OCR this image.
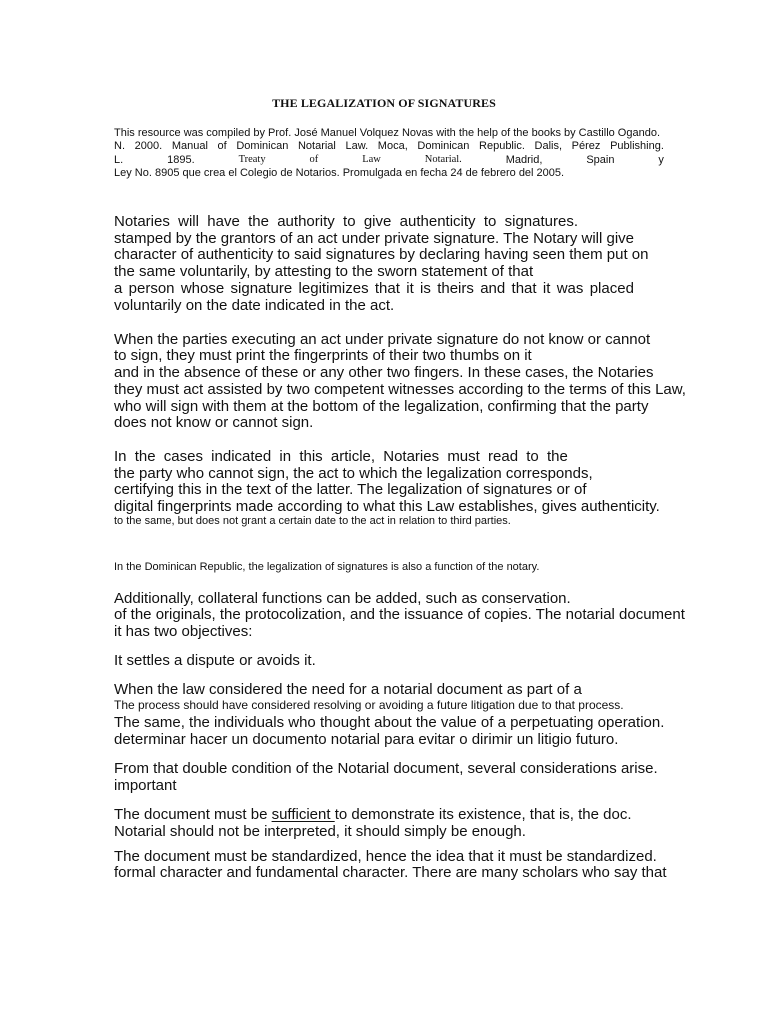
THE LEGALIZATION OF SIGNATURES
This resource was compiled by Prof. José Manuel Volquez Novas with the help of the books by Castillo Ogando.
N. 2000. Manual of Dominican Notarial Law. Moca, Dominican Republic. Dalis, Pérez Publishing.
L.	1895.	Treaty	of	Law	Notarial.	Madrid,	Spain	y
Ley No. 8905 que crea el Colegio de Notarios. Promulgada en fecha 24 de febrero del 2005.
Notaries will have the authority to give authenticity to signatures.
stamped by the grantors of an act under private signature. The Notary will give
character of authenticity to said signatures by declaring having seen them put on
the same voluntarily, by attesting to the sworn statement of that
a person whose signature legitimizes that it is theirs and that it was placed
voluntarily on the date indicated in the act.
When the parties executing an act under private signature do not know or cannot
to sign, they must print the fingerprints of their two thumbs on it
and in the absence of these or any other two fingers. In these cases, the Notaries
they must act assisted by two competent witnesses according to the terms of this Law,
who will sign with them at the bottom of the legalization, confirming that the party
does not know or cannot sign.
In the cases indicated in this article, Notaries must read to the
the party who cannot sign, the act to which the legalization corresponds,
certifying this in the text of the latter. The legalization of signatures or of
digital fingerprints made according to what this Law establishes, gives authenticity.
to the same, but does not grant a certain date to the act in relation to third parties.
In the Dominican Republic, the legalization of signatures is also a function of the notary.
Additionally, collateral functions can be added, such as conservation.
of the originals, the protocolization, and the issuance of copies. The notarial document
it has two objectives:
It settles a dispute or avoids it.
When the law considered the need for a notarial document as part of a
The process should have considered resolving or avoiding a future litigation due to that process.
The same, the individuals who thought about the value of a perpetuating operation.
determinar hacer un documento notarial para evitar o dirimir un litigio futuro.
From that double condition of the Notarial document, several considerations arise.
important
The document must be sufficient to demonstrate its existence, that is, the doc.
Notarial should not be interpreted, it should simply be enough.
The document must be standardized, hence the idea that it must be standardized.
formal character and fundamental character. There are many scholars who say that
